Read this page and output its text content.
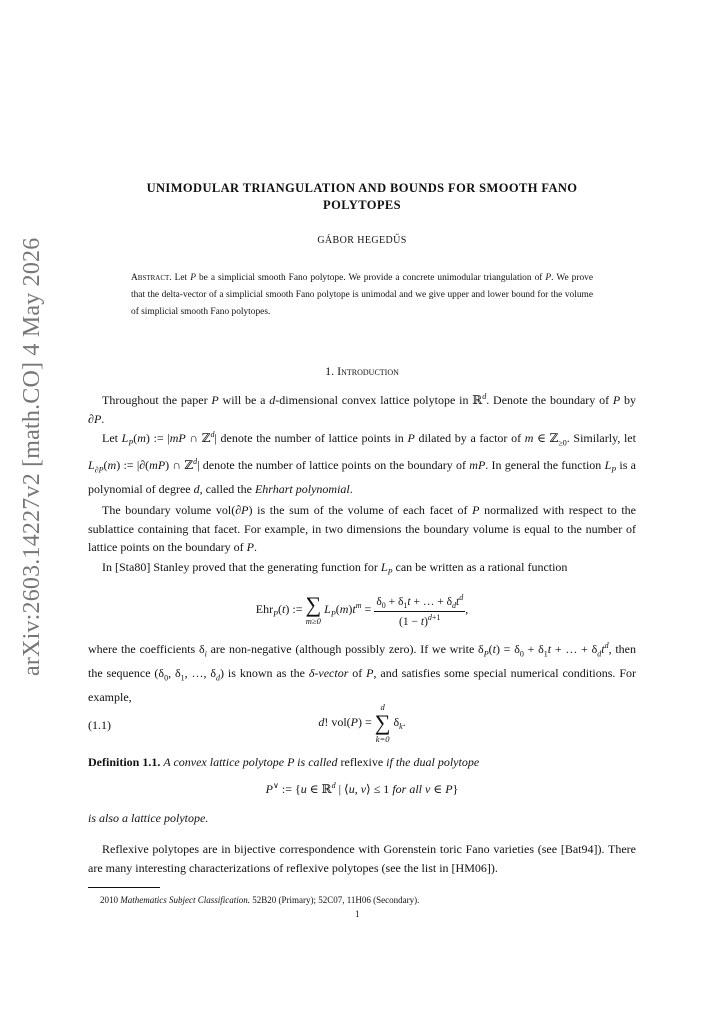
arXiv:2603.14227v2 [math.CO] 4 May 2026
UNIMODULAR TRIANGULATION AND BOUNDS FOR SMOOTH FANO
POLYTOPES
GÁBOR HEGEDŰS
Abstract. Let P be a simplicial smooth Fano polytope. We provide a concrete unimodular triangulation of P. We prove that the delta-vector of a simplicial smooth Fano polytope is unimodal and we give upper and lower bound for the volume of simplicial smooth Fano polytopes.
1. Introduction
Throughout the paper P will be a d-dimensional convex lattice polytope in ℝ$^d$. Denote the boundary of P by ∂P.
Let $L_P(m)$ := |mP ∩ ℤ$^d$| denote the number of lattice points in P dilated by a factor of m ∈ ℤ$_{\ge 0}$. Similarly, let $L_{\partial P}(m)$ := |∂(mP) ∩ ℤ$^d$| denote the number of lattice points on the boundary of mP. In general the function $L_P$ is a polynomial of degree d, called the Ehrhart polynomial.
The boundary volume vol(∂P) is the sum of the volume of each facet of P normalized with respect to the sublattice containing that facet. For example, in two dimensions the boundary volume is equal to the number of lattice points on the boundary of P.
In [Sta80] Stanley proved that the generating function for $L_P$ can be written as a rational function
Ehr$_P$(t) := ∑
m≥0
$L_P(m)t^m = \frac{\delta_0 + \delta_1t + \dots + \delta_dt^d}{(1 - t)^{d+1}}$ ,
where the coefficients $\delta_i$ are non-negative (although possibly zero). If we write $\delta_P(t) = \delta_0 + \delta_1t$ + … + $\delta_dt^d$, then the sequence ($\delta_0$, $\delta_1$, …, $\delta_d$) is known as the δ-vector of P, and satisfies some special numerical conditions. For example,
(1.1)	d! vol(P) =
d
∑
k=0
$\delta_k$.
Definition 1.1. A convex lattice polytope P is called reflexive if the dual polytope
P∨ := {u ∈ ℝ$^d$ | ⟨u, v⟩ ≤ 1 for all v ∈ P}
is also a lattice polytope.
Reflexive polytopes are in bijective correspondence with Gorenstein toric Fano varieties (see [Bat94]). There are many interesting characterizations of reflexive polytopes (see the list in [HM06]).
2010 Mathematics Subject Classification. 52B20 (Primary); 52C07, 11H06 (Secondary).
1
